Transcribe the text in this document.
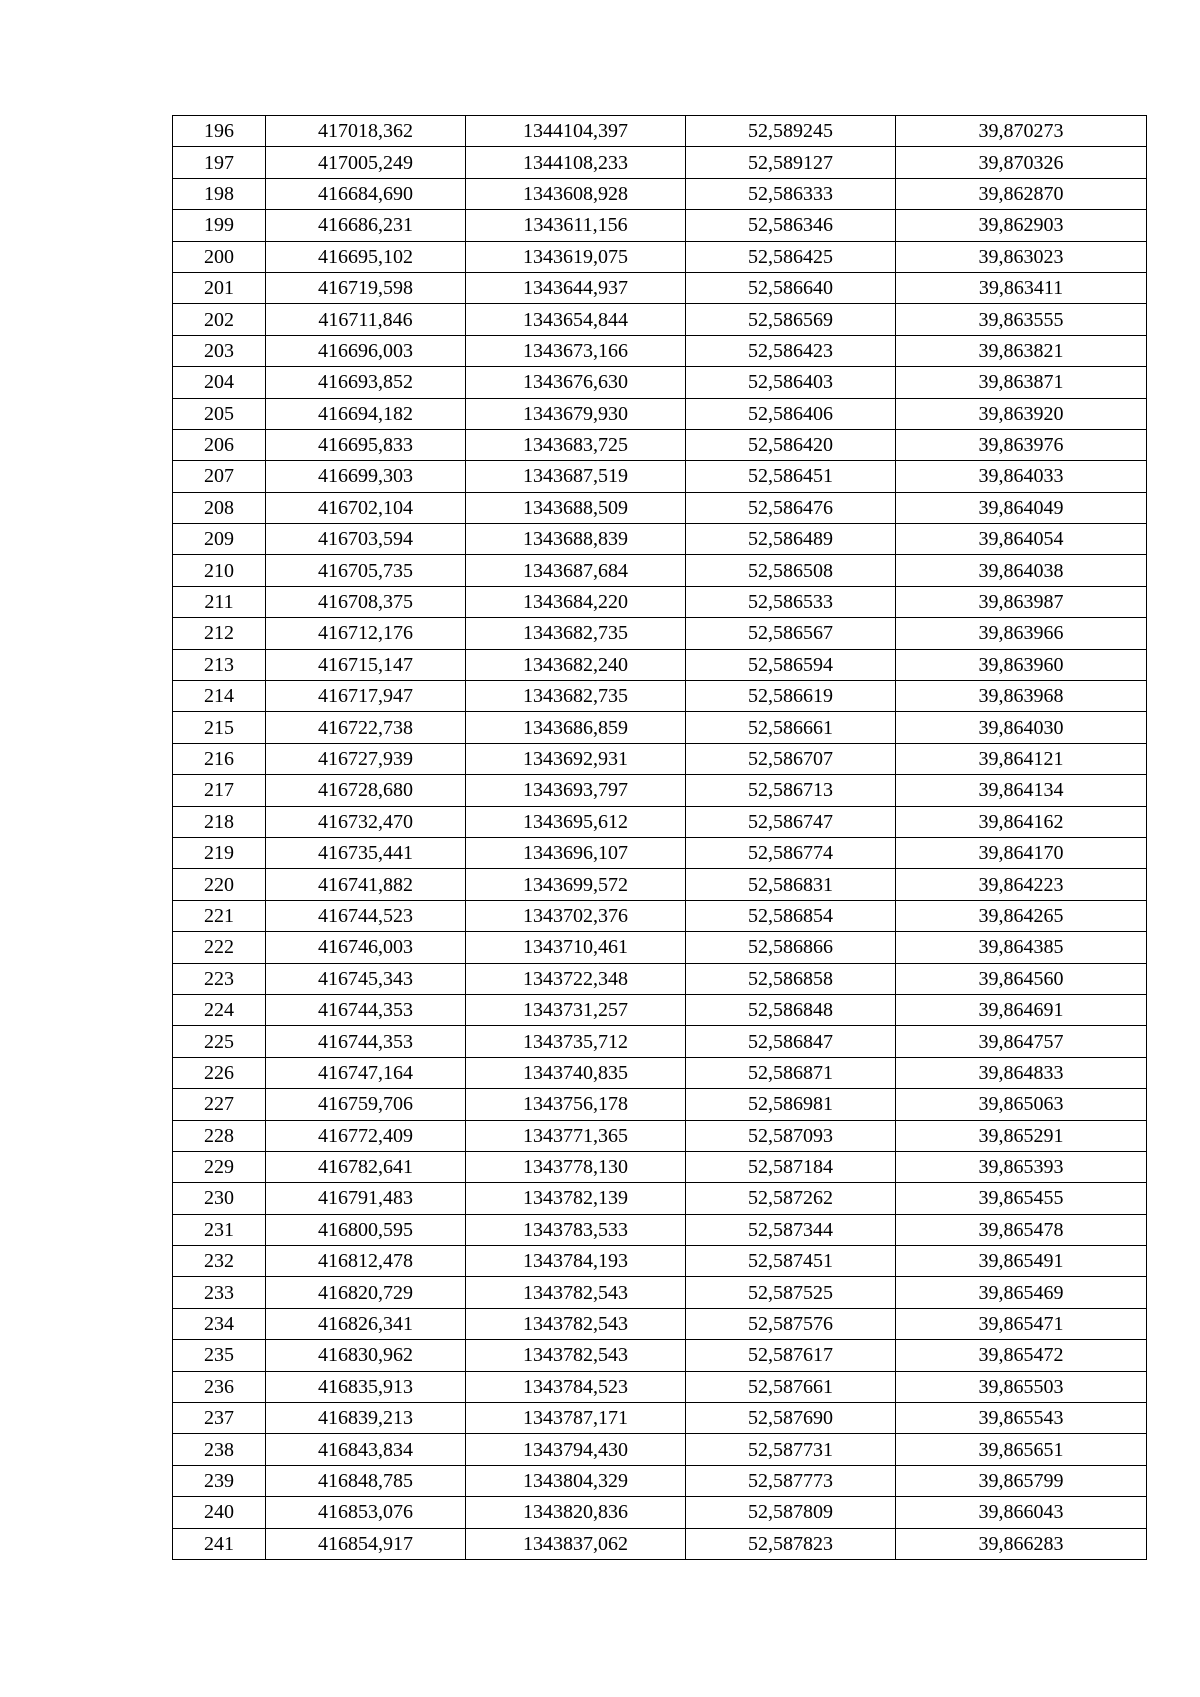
196	417018,362	1344104,397	52,589245	39,870273
197	417005,249	1344108,233	52,589127	39,870326
198	416684,690	1343608,928	52,586333	39,862870
199	416686,231	1343611,156	52,586346	39,862903
200	416695,102	1343619,075	52,586425	39,863023
201	416719,598	1343644,937	52,586640	39,863411
202	416711,846	1343654,844	52,586569	39,863555
203	416696,003	1343673,166	52,586423	39,863821
204	416693,852	1343676,630	52,586403	39,863871
205	416694,182	1343679,930	52,586406	39,863920
206	416695,833	1343683,725	52,586420	39,863976
207	416699,303	1343687,519	52,586451	39,864033
208	416702,104	1343688,509	52,586476	39,864049
209	416703,594	1343688,839	52,586489	39,864054
210	416705,735	1343687,684	52,586508	39,864038
211	416708,375	1343684,220	52,586533	39,863987
212	416712,176	1343682,735	52,586567	39,863966
213	416715,147	1343682,240	52,586594	39,863960
214	416717,947	1343682,735	52,586619	39,863968
215	416722,738	1343686,859	52,586661	39,864030
216	416727,939	1343692,931	52,586707	39,864121
217	416728,680	1343693,797	52,586713	39,864134
218	416732,470	1343695,612	52,586747	39,864162
219	416735,441	1343696,107	52,586774	39,864170
220	416741,882	1343699,572	52,586831	39,864223
221	416744,523	1343702,376	52,586854	39,864265
222	416746,003	1343710,461	52,586866	39,864385
223	416745,343	1343722,348	52,586858	39,864560
224	416744,353	1343731,257	52,586848	39,864691
225	416744,353	1343735,712	52,586847	39,864757
226	416747,164	1343740,835	52,586871	39,864833
227	416759,706	1343756,178	52,586981	39,865063
228	416772,409	1343771,365	52,587093	39,865291
229	416782,641	1343778,130	52,587184	39,865393
230	416791,483	1343782,139	52,587262	39,865455
231	416800,595	1343783,533	52,587344	39,865478
232	416812,478	1343784,193	52,587451	39,865491
233	416820,729	1343782,543	52,587525	39,865469
234	416826,341	1343782,543	52,587576	39,865471
235	416830,962	1343782,543	52,587617	39,865472
236	416835,913	1343784,523	52,587661	39,865503
237	416839,213	1343787,171	52,587690	39,865543
238	416843,834	1343794,430	52,587731	39,865651
239	416848,785	1343804,329	52,587773	39,865799
240	416853,076	1343820,836	52,587809	39,866043
241	416854,917	1343837,062	52,587823	39,866283
